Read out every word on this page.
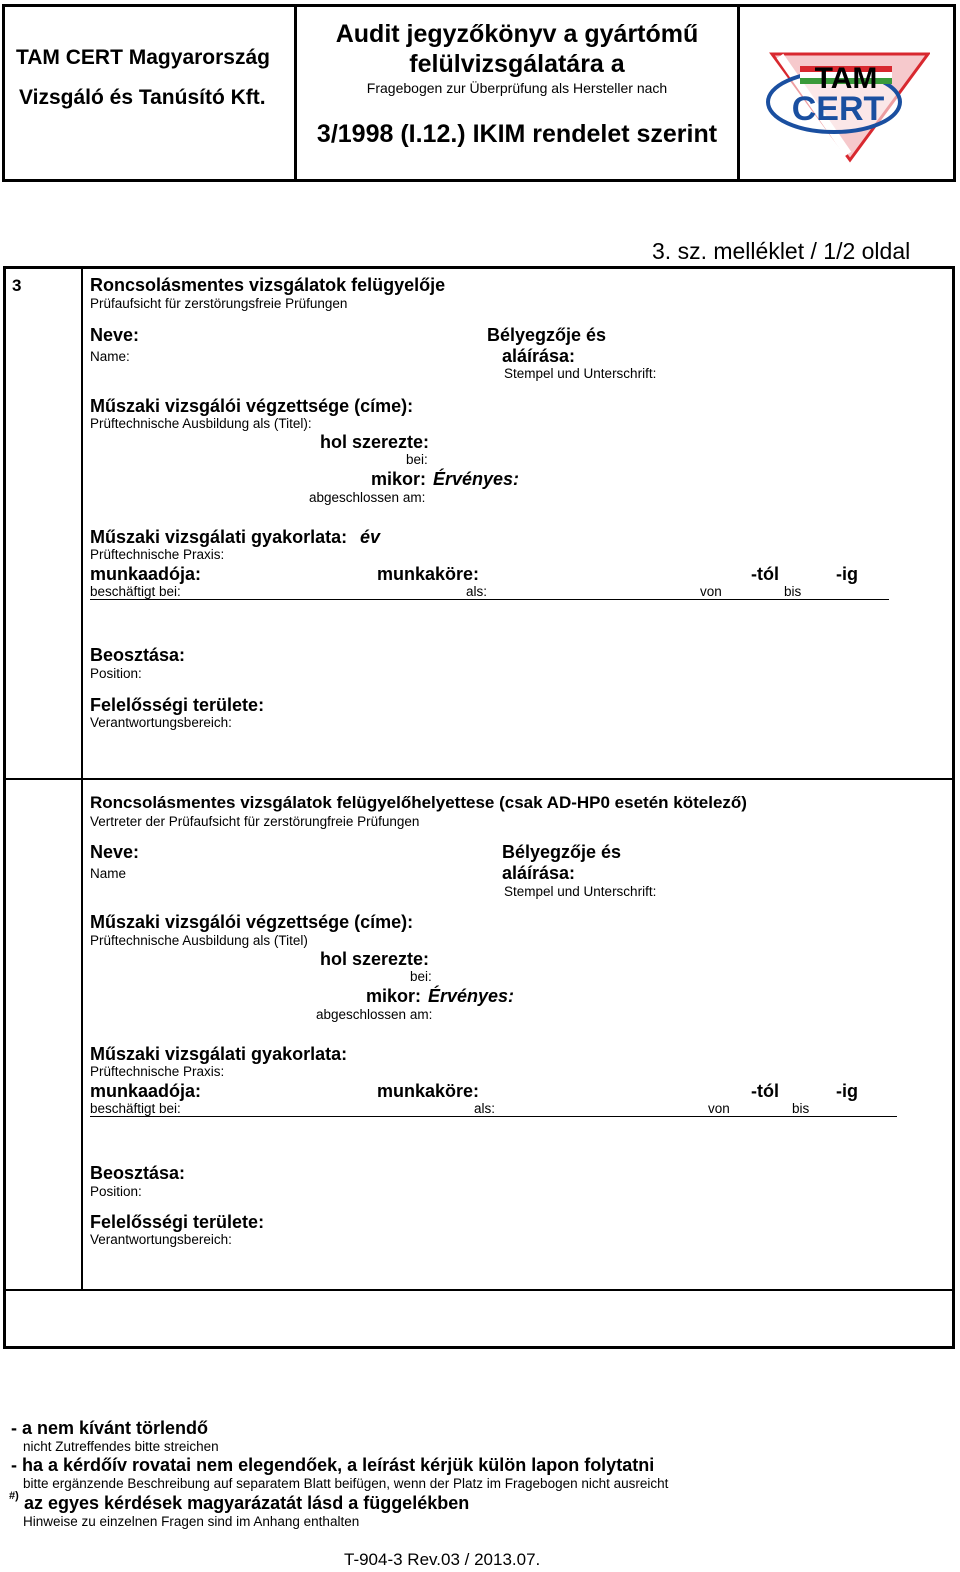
TAM CERT Magyarország
Vizsgáló és Tanúsító Kft.
Audit jegyzőkönyv a gyártómű
felülvizsgálatára a
Fragebogen zur Überprüfung als Hersteller nach
3/1998 (I.12.) IKIM rendelet szerint
TAM
CERT
3. sz. melléklet / 1/2 oldal
3	Roncsolásmentes vizsgálatok felügyelője
Prüfaufsicht für zerstörungsfreie Prüfungen
Neve:
Name:
Bélyegzője és
aláírása:
Stempel und Unterschrift:
Műszaki vizsgálói végzettsége (címe):
Prüftechnische Ausbildung als (Titel):
hol szerezte:
bei:
mikor: Érvényes:
abgeschlossen am:
Műszaki vizsgálati gyakorlata: év
Prüftechnische Praxis:
munkaadója:	munkaköre:	-tól	-ig
beschäftigt bei:	als:	von	bis
Beosztása:
Position:
Felelősségi területe:
Verantwortungsbereich:
Roncsolásmentes vizsgálatok felügyelőhelyettese (csak AD-HP0 esetén kötelező)
Vertreter der Prüfaufsicht für zerstörungfreie Prüfungen
Neve:
Name
Bélyegzője és
aláírása:
Stempel und Unterschrift:
Műszaki vizsgálói végzettsége (címe):
Prüftechnische Ausbildung als (Titel)
hol szerezte:
bei:
mikor: Érvényes:
abgeschlossen am:
Műszaki vizsgálati gyakorlata:
Prüftechnische Praxis:
munkaadója:	munkaköre:	-tól	-ig
beschäftigt bei:	als:	von	bis
Beosztása:
Position:
Felelősségi területe:
Verantwortungsbereich:
- a nem kívánt törlendő
nicht Zutreffendes bitte streichen
- ha a kérdőív rovatai nem elegendőek, a leírást kérjük külön lapon folytatni
bitte ergänzende Beschreibung auf separatem Blatt beifügen, wenn der Platz im Fragebogen nicht ausreicht
#) az egyes kérdések magyarázatát lásd a függelékben
Hinweise zu einzelnen Fragen sind im Anhang enthalten
T-904-3 Rev.03 / 2013.07.
